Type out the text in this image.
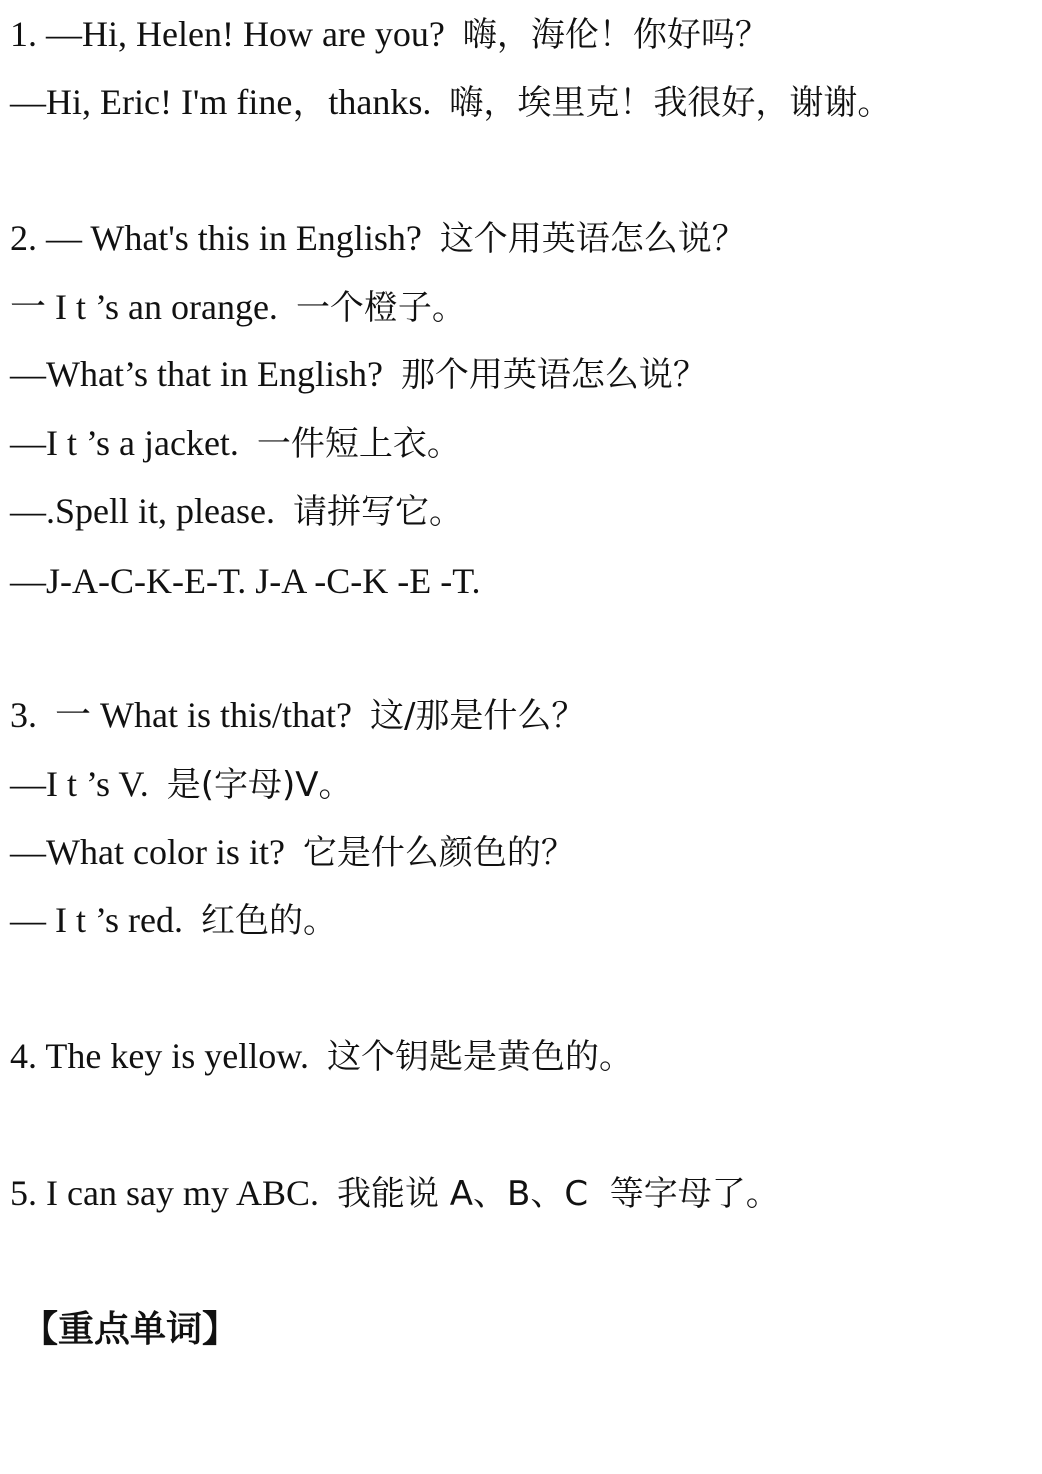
1. —Hi, Helen! How are you?  嗨，海伦！你好吗？
—Hi, Eric! I'm fine，thanks.  嗨，埃里克！我很好，谢谢。
2. — What's this in English?  这个用英语怎么说？
一 I t ’s an orange.  一个橙子。
—What’s that in English?  那个用英语怎么说？
—I t ’s a jacket.  一件短上衣。
—.Spell it, please.  请拼写它。
—J-A-C-K-E-T. J-A -C-K -E -T.
3.  一 What is this/that?  这/那是什么？
—I t ’s V.  是(字母)V。
—What color is it?  它是什么颜色的？
— I t ’s red.  红色的。
4. The key is yellow.  这个钥匙是黄色的。
5. I can say my ABC.  我能说 A、B、C  等字母了。
【重点单词】
